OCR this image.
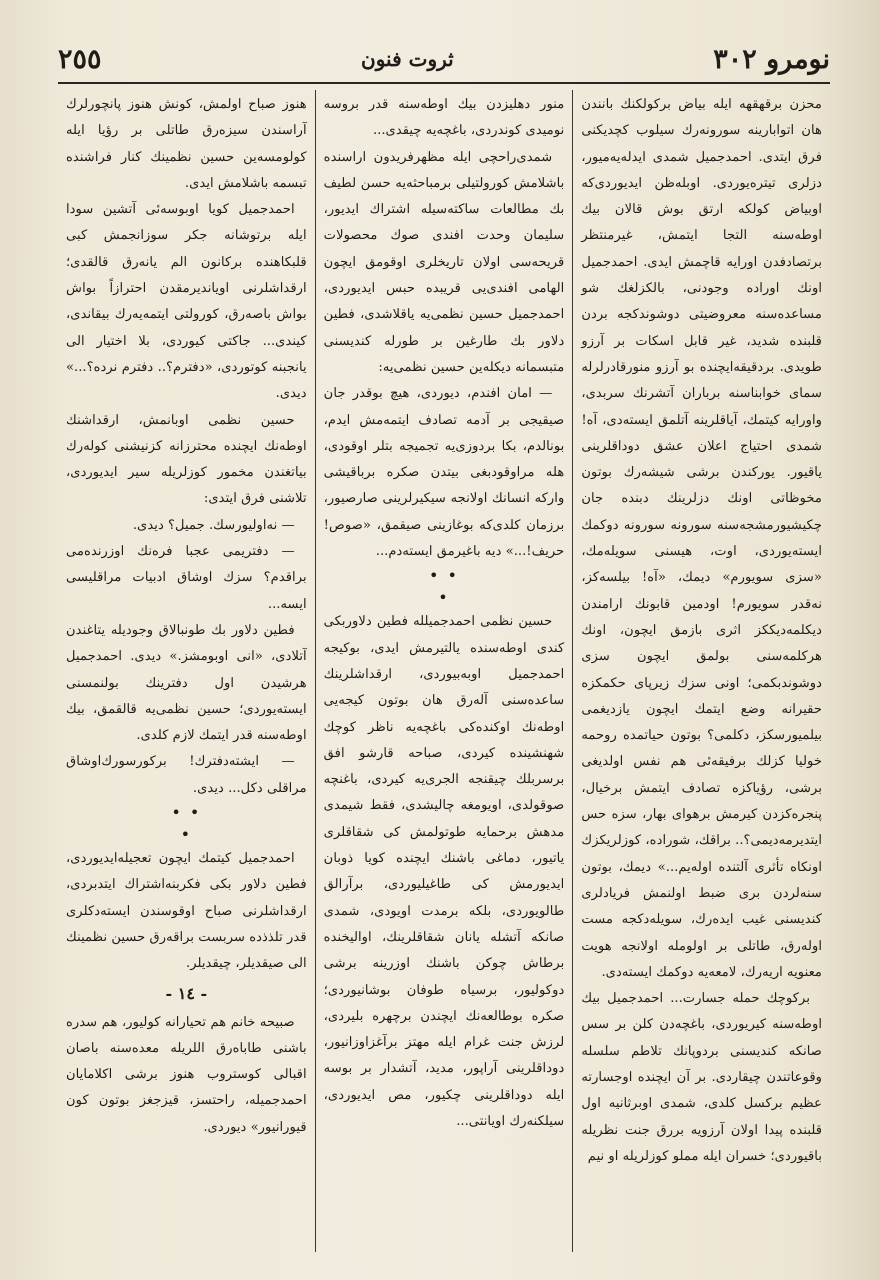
٢٥٥	ثروت فنون	نومرو ٣٠٢

محزن برقهقهه ايله بياض بركولكنك بانندن هان اتوابارينه سورونه‌رك سيلوب كچديكنى فرق ايتدى. احمدجميل شمدى ايدله‌يه‌ميور، دزلرى تيتره‌يوردى. اوبله‌ظن ايديوردى‌كه اوبياض كولكه ارتق بوش قالان بيك اوطه‌سنه التجا ايتمش، غيرمنتظر برتصادفدن اورايه قاچمش ايدى. احمدجميل اونك اوراده وجودنى، بالكزلغك شو مساعده‌سنه معروضيتى دوشوندكجه بردن قلبنده شديد، غير قابل اسكات بر آرزو طويدى. بردقيقه‌ايچنده بو آرزو منورقادرلرله سماى خوابناسنه برباران آتشرنك سربدى، واورايه كيتمك، آياقلرينه آتلمق ايسته‌دى، آه! شمدى احتياج اعلان عشق دوداقلرينى ياقيور. يوركندن برشى شيشه‌رك بوتون مخوظاتى اونك دزلرينك دبنده جان چكيشيورمشجه‌سنه سورونه سورونه دوكمك ايسته‌يوردى، اوت، هيسنى سويله‌مك، «سزى سويورم» ديمك، «آه! بيلسه‌كز، نه‌قدر سويورم! اودمين قابونك ارامندن ديكلمه‌ديككز اثرى بازمق ايچون، اونك هركلمه‌سنى بولمق ايچون سزى دوشوندبكمى؛ اونى سزك زيرپاى حكمكزه حقيرانه وضع ايتمك ايچون يازديغمى بيلميورسكز، دكلمى؟ بوتون حياتمده روحمه خوليا كزلك برفيقه‌ئى هم نفس اولديغى برشى، رؤياكزه تصادف ايتمش برخيال، پنجره‌كزدن كيرمش برهواى بهار، سزه حس ايتديرمه‌ديمى؟.. براقك، شوراده، كوزلريكزك اونكاه تأثرى آلتنده اوله‌يم...» ديمك، بوتون سنه‌لردن برى ضبط اولنمش فريادلرى كنديسنى غيب ايده‌رك، سويله‌دكجه مست اوله‌رق، طاتلى بر اولومله اولانجه هويت معنويه اريه‌رك، لامعه‌يه دوكمك ايسته‌دى.

بركوچك حمله جسارت... احمدجميل بيك اوطه‌سنه كيريوردى، باغچه‌دن كلن بر سس صانكه كنديسنى بردوپانك تلاطم سلسله وقوعاتندن چيقاردى. بر آن ايچنده اوجسارته عظيم بركسل كلدى، شمدى اوبرثانيه اول قلبنده پيدا اولان آرزويه بررق جنت نظريله باقيوردى؛ خسران ايله مملو كوزلريله او نيم

منور دهليزدن بيك اوطه‌سنه قدر بروسه نوميدى كوندردى، باغچه‌يه چيقدى...

شمدى‌راحچى ايله مظهرفريدون اراسنده باشلامش كورولتيلى برمباحثه‌يه حسن لطيف بك مطالعات ساكته‌سيله اشتراك ايديور، سليمان وحدت افندى صوك محصولات قريحه‌سى اولان تاريخلرى اوقومق ايچون الهامى افندى‌يى قريبده حبس ايديوردى، احمدجميل حسين نظمى‌يه ياقلاشدى، فطين دلاور بك طارغين بر طورله كنديسنى متبسمانه ديكله‌ين حسين نظمى‌يه:

— امان افندم، ديوردى، هيچ بوقدر جان صيقيجى بر آدمه تصادف ايتمه‌مش ايدم، بونالدم، بكا بردوزى‌يه تجميجه بتلر اوقودى، هله مراوقودبغى بيتدن صكره برباقيشى واركه انسانك اولانجه سيكيرلرينى صارصيور، برزمان كلدى‌كه بوغازينى صيقمق، «صوص! حريف!...» ديه باغيرمق ايسته‌دم...

• •
•

حسين نظمى احمدجميلله فطين دلاوربكى كندى اوطه‌سنده يالتيرمش ايدى، بوكيجه احمدجميل اوبه‌بيوردى، ارقداشلرينك ساعده‌سنى آلەرق هان بوتون كيجه‌يى اوطه‌نك اوكنده‌كى باغچه‌يه ناظر كوچك شهنشينده كيردى، صباحه قارشو افق برسربلك چيقنجه الجرى‌يه كيردى، باغنچه صوقولدى، اويومغه چاليشدى، فقط شيمدى مدهش برحمايه طوتولمش كى شقاقلرى ياتيور، دماغى باشنك ايچنده كويا ذوبان ايديورمش كى طاغيليوردى، برآرالق طالويوردى، بلكه برمدت اويودى، شمدى صانكه آتشله يانان شقاقلرينك، اواليخنده برطاش چوكن باشنك اوزرينه برشى دوكوليور، برسياه طوفان بوشانيوردى؛ صكره بوطالعه‌نك ايچندن برچهره بليردى، لرزش جنت غرام ايله مهتز برآغزاوزانيور، دوداقلرينى آراپور، مديد، آتشدار بر بوسه ايله دوداقلرينى چكيور، مص ايديوردى، سيلكنه‌رك اويانتى...

هنوز صباح اولمش، كونش هنوز پانچورلرك آراسندن سيزه‌رق طاتلى بر رؤيا ايله كولومسه‌ين حسين نظمينك كنار فراشنده تبسمه باشلامش ايدى.

احمدجميل كويا اوبوسه‌ئى آتشين سودا ايله برتوشانه جكر سوزانجمش كبى قلبكاهنده بركانون الم يانه‌رق قالقدى؛ ارقداشلرنى اويانديرمقدن احترازاً بواش بواش باصه‌رق، كورولتى ايتمه‌يه‌رك بيقاندى، كيندى... جاكتى كيوردى، بلا اختيار الى يانجبنه كوتوردى، «دفترم؟.. دفترم نرده؟...» ديدى.

حسين نظمى اوبانمش، ارقداشنك اوطه‌نك ايچنده محترزانه كزنيشنى كوله‌رك بياتغندن مخمور كوزلريله سير ايديوردى، تلاشنى فرق ايتدى:

— نه‌اوليورسك. جميل؟ ديدى.

— دفتريمى عجبا فرەنك اوزرنده‌مى براقدم؟ سزك اوشاق ادبيات مراقليسى ايسه...

فطين دلاور بك طونبالاق وجوديله يتاغندن آتلادى، «انى اوبومشز.» ديدى. احمدجميل هرشيدن اول دفترينك بولنمسنى ايسته‌يوردى؛ حسين نظمى‌يه قالقمق، بيك اوطه‌سنه قدر ايتمك لازم كلدى.

— ايشته‌دفترك! بركورسورك‌اوشاق مراقلى دكل... ديدى.

• •
•

احمدجميل كيتمك ايچون تعجيله‌ايديوردى، فطين دلاور بكى فكربنه‌اشتراك ايتدبردى، ارقداشلرنى صباح اوقوسندن ايسته‌دكلرى قدر تلذذده سربست براقه‌رق حسين نظمينك الى صيقديلر، چيقديلر.

- ١٤ -

صبيحه خانم هم تحيارانه كوليور، هم سدره باشنى طاباه‌رق اللريله معده‌سنه باصان اقبالى كوستروب هنوز برشى اكلامايان احمدجميله، راحتسز، قيزجغز بوتون كون قيورانيور» ديوردى.
